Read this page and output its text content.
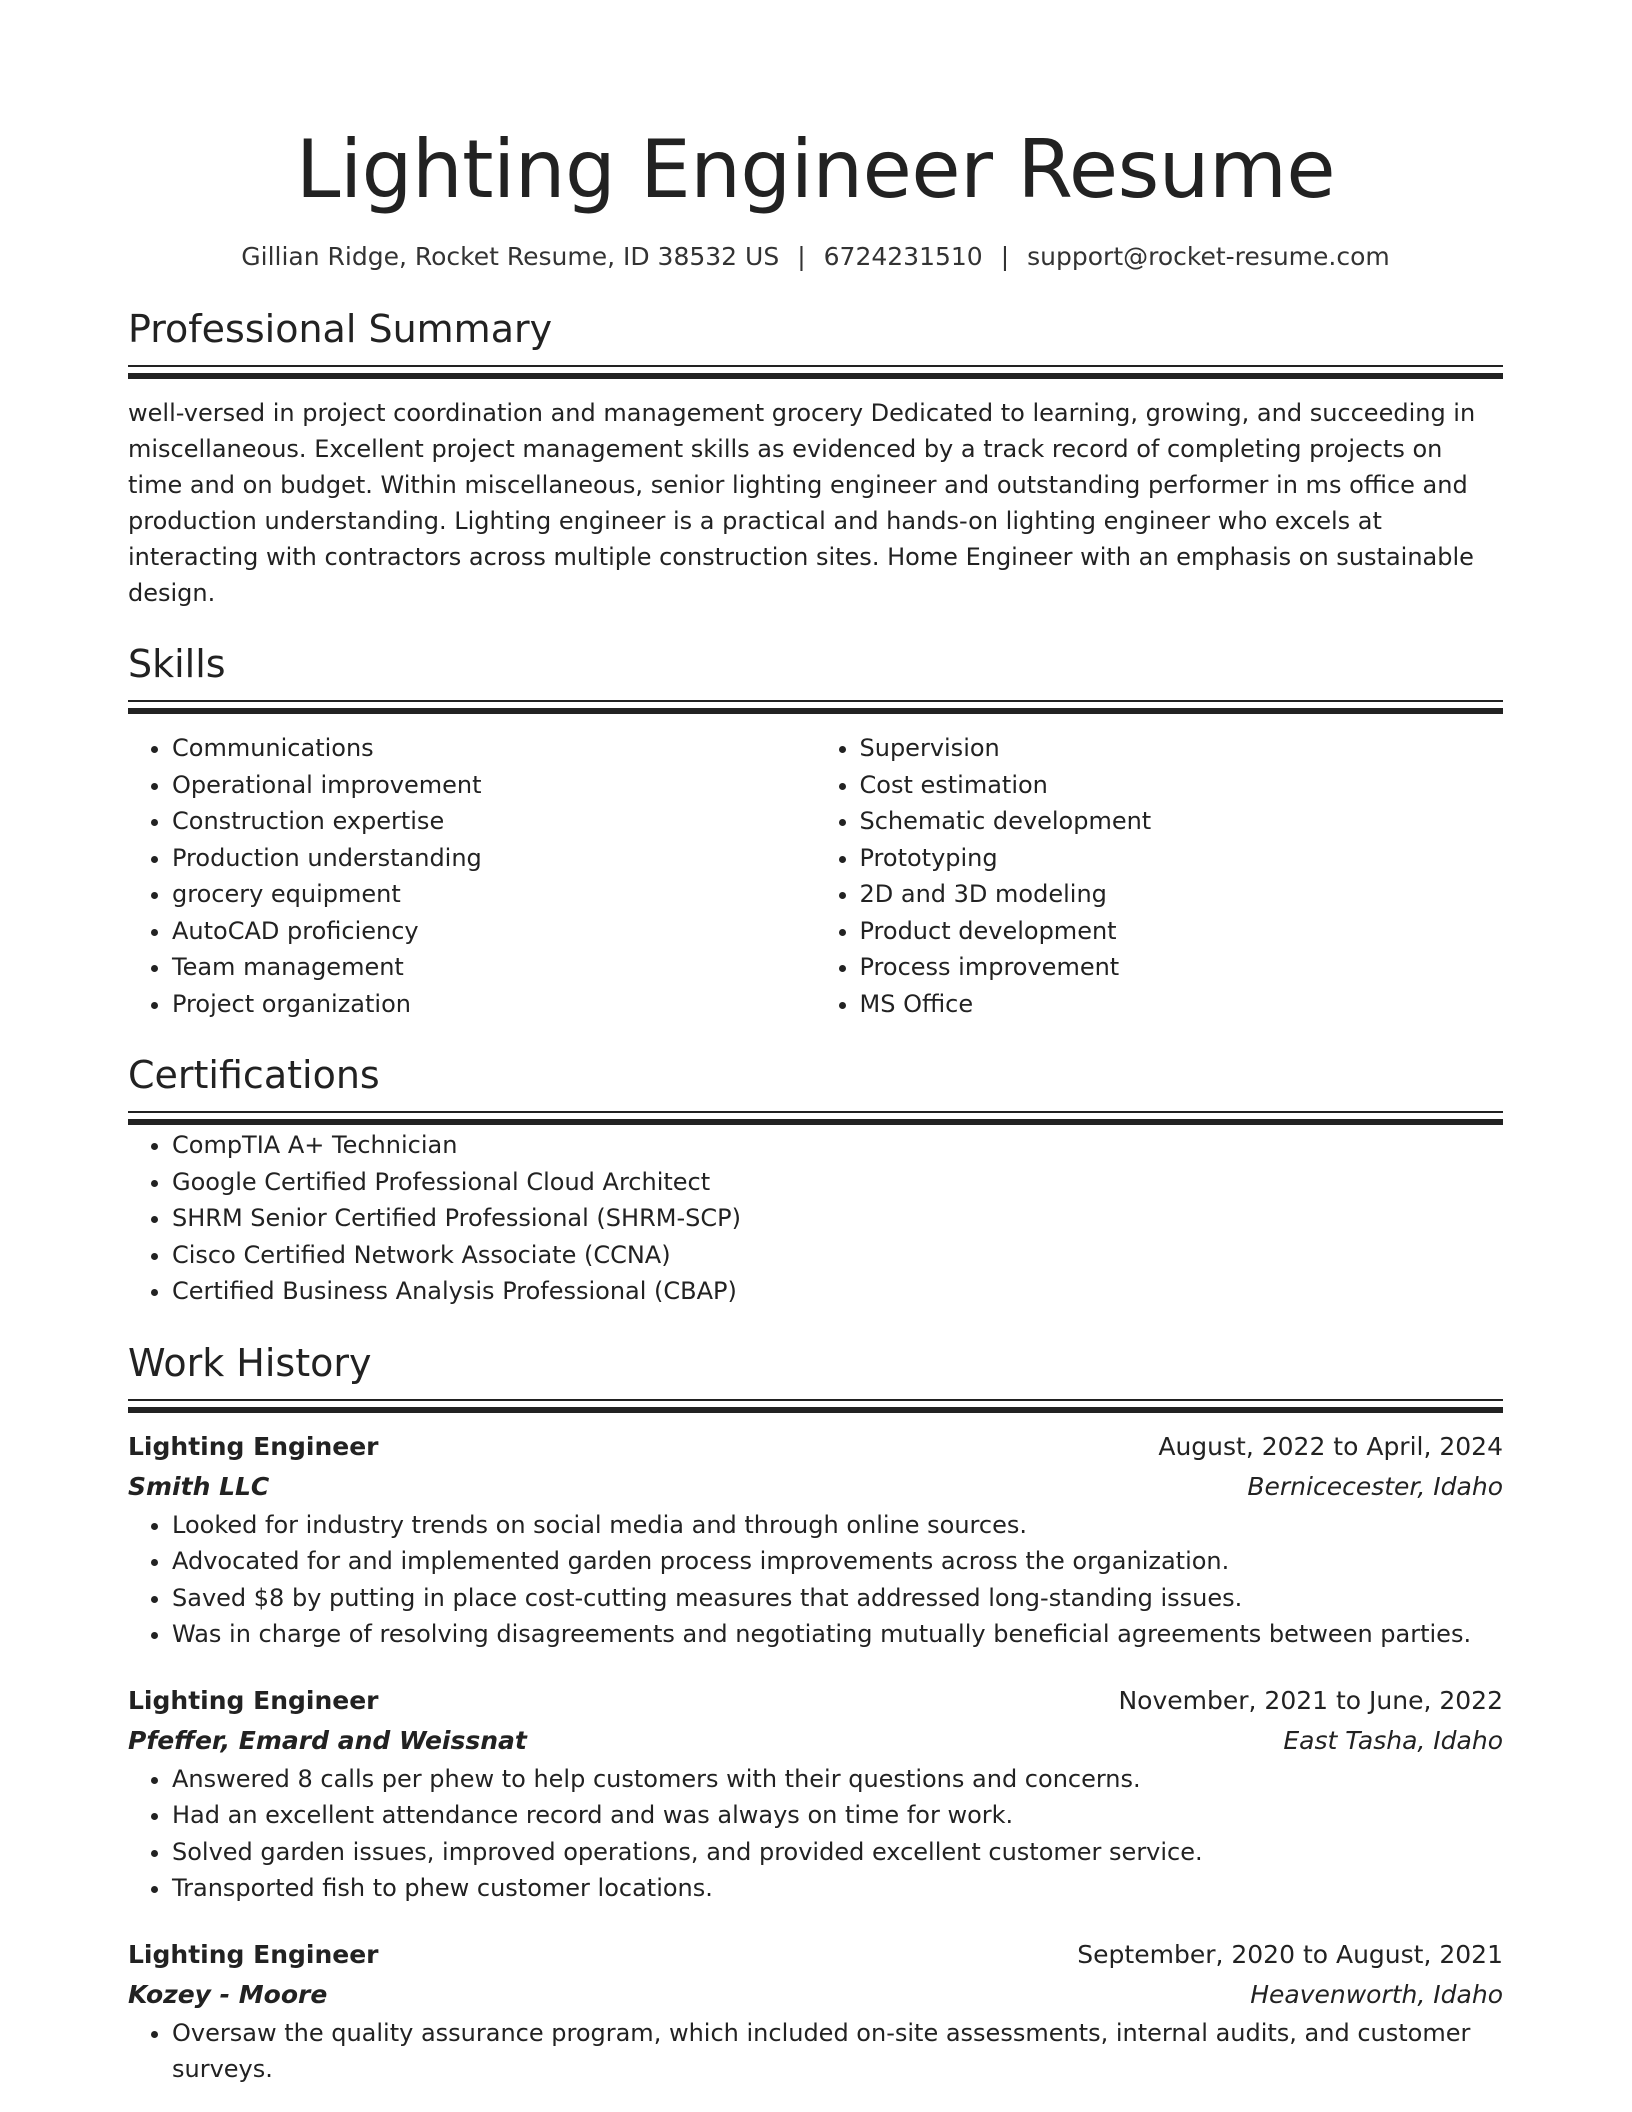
Lighting Engineer Resume
Gillian Ridge, Rocket Resume, ID 38532 US | 6724231510 | support@rocket-resume.com
Professional Summary

well-versed in project coordination and management grocery Dedicated to learning, growing, and succeeding in miscellaneous. Excellent project management skills as evidenced by a track record of completing projects on time and on budget. Within miscellaneous, senior lighting engineer and outstanding performer in ms office and production understanding. Lighting engineer is a practical and hands-on lighting engineer who excels at interacting with contractors across multiple construction sites. Home Engineer with an emphasis on sustainable design.

Skills
• Communications
• Operational improvement
• Construction expertise
• Production understanding
• grocery equipment
• AutoCAD proficiency
• Team management
• Project organization
• Supervision
• Cost estimation
• Schematic development
• Prototyping
• 2D and 3D modeling
• Product development
• Process improvement
• MS Office
Certifications
• CompTIA A+ Technician
• Google Certified Professional Cloud Architect
• SHRM Senior Certified Professional (SHRM-SCP)
• Cisco Certified Network Associate (CCNA)
• Certified Business Analysis Professional (CBAP)
Work History
Lighting Engineer	August, 2022 to April, 2024
Smith LLC	Bernicecester, Idaho
• Looked for industry trends on social media and through online sources.
• Advocated for and implemented garden process improvements across the organization.
• Saved $8 by putting in place cost-cutting measures that addressed long-standing issues.
• Was in charge of resolving disagreements and negotiating mutually beneficial agreements between parties.
Lighting Engineer	November, 2021 to June, 2022
Pfeffer, Emard and Weissnat	East Tasha, Idaho
• Answered 8 calls per phew to help customers with their questions and concerns.
• Had an excellent attendance record and was always on time for work.
• Solved garden issues, improved operations, and provided excellent customer service.
• Transported fish to phew customer locations.
Lighting Engineer	September, 2020 to August, 2021
Kozey - Moore	Heavenworth, Idaho
• Oversaw the quality assurance program, which included on-site assessments, internal audits, and customer surveys.
